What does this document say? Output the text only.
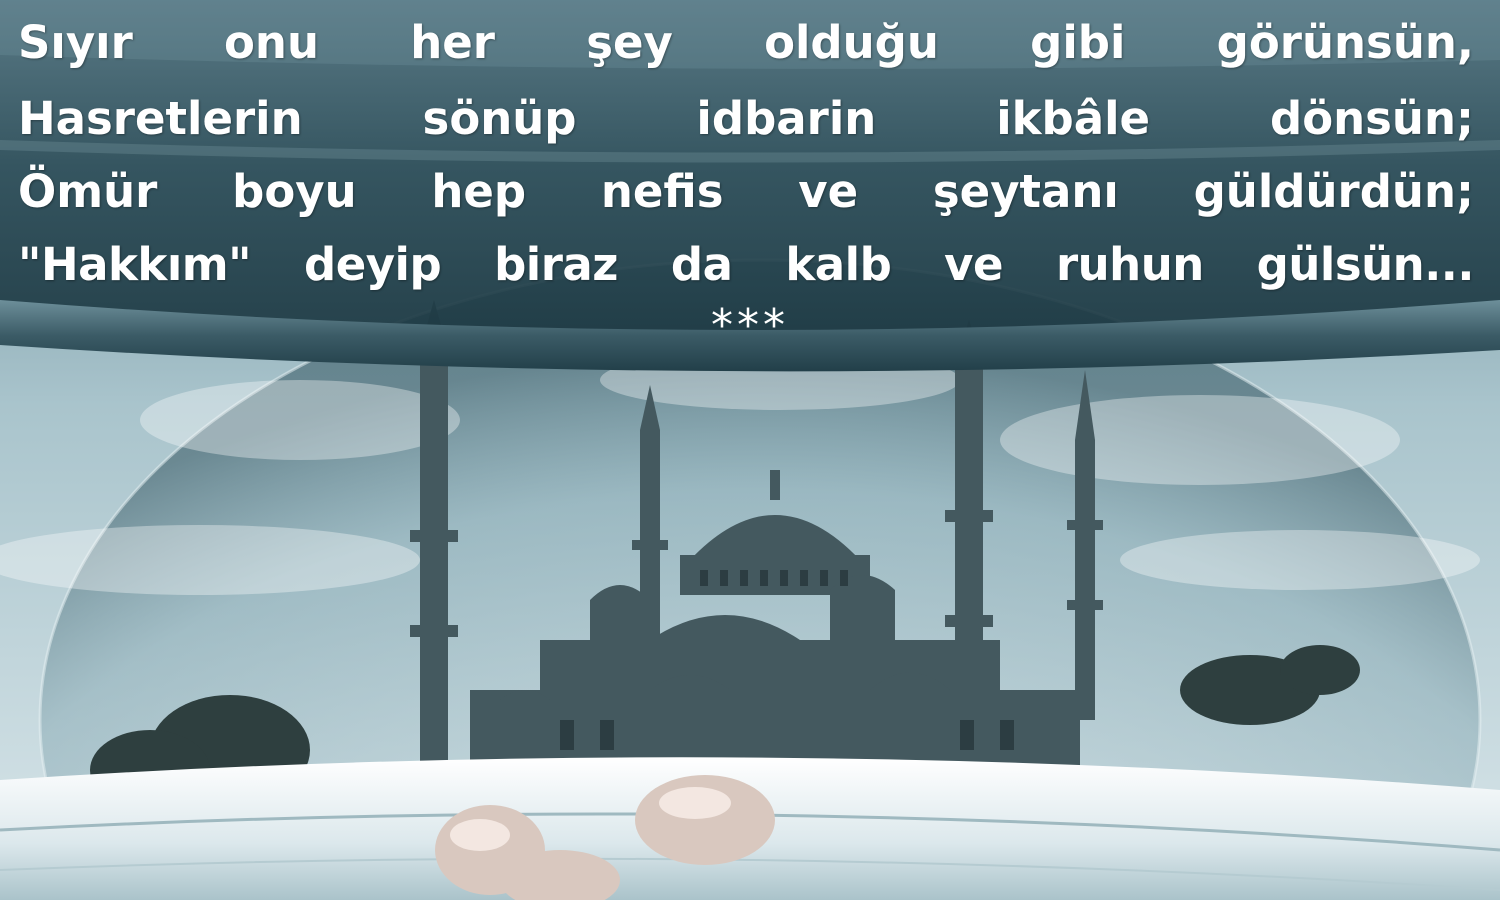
Sıyır onu her şey olduğu gibi görünsün,
Hasretlerin sönüp idbarin ikbâle dönsün;
Ömür boyu hep nefis ve şeytanı güldürdün;
"Hakkım" deyip biraz da kalb ve ruhun gülsün...
***
